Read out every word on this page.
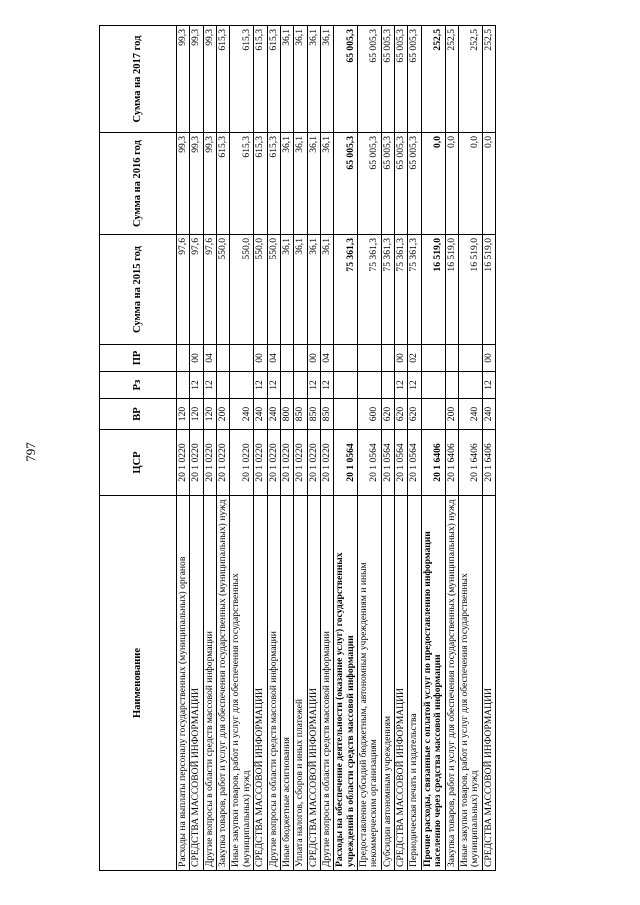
797
Наименование	ЦСР	ВР	Рз	ПР	Сумма на 2015 год	Сумма на 2016 год	Сумма на 2017 год
Расходы на выплаты персоналу государственных (муниципальных) органов	20 1 0220	120			97,6	99,3	99,3
СРЕДСТВА МАССОВОЙ ИНФОРМАЦИИ	20 1 0220	120	12	00	97,6	99,3	99,3
Другие вопросы в области средств массовой информации	20 1 0220	120	12	04	97,6	99,3	99,3
Закупка товаров, работ и услуг для обеспечения государственных (муниципальных) нужд	20 1 0220	200			550,0	615,3	615,3
Иные закупки товаров, работ и услуг для обеспечения государственных (муниципальных) нужд	20 1 0220	240			550,0	615,3	615,3
СРЕДСТВА МАССОВОЙ ИНФОРМАЦИИ	20 1 0220	240	12	00	550,0	615,3	615,3
Другие вопросы в области средств массовой информации	20 1 0220	240	12	04	550,0	615,3	615,3
Иные бюджетные ассигнования	20 1 0220	800			36,1	36,1	36,1
Уплата налогов, сборов и иных платежей	20 1 0220	850			36,1	36,1	36,1
СРЕДСТВА МАССОВОЙ ИНФОРМАЦИИ	20 1 0220	850	12	00	36,1	36,1	36,1
Другие вопросы в области средств массовой информации	20 1 0220	850	12	04	36,1	36,1	36,1
Расходы на обеспечение деятельности (оказание услуг) государственных учреждений в области средств массовой информации	20 1 0564				75 361,3	65 005,3	65 005,3
Предоставление субсидий бюджетным, автономным учреждениям и иным некоммерческим организациям	20 1 0564	600			75 361,3	65 005,3	65 005,3
Субсидии автономным учреждениям	20 1 0564	620			75 361,3	65 005,3	65 005,3
СРЕДСТВА МАССОВОЙ ИНФОРМАЦИИ	20 1 0564	620	12	00	75 361,3	65 005,3	65 005,3
Периодическая печать и издательства	20 1 0564	620	12	02	75 361,3	65 005,3	65 005,3
Прочие расходы, связанные с оплатой услуг по предоставлению информации населению через средства массовой информации	20 1 6406				16 519,0	0,0	252,5
Закупка товаров, работ и услуг для обеспечения государственных (муниципальных) нужд	20 1 6406	200			16 519,0	0,0	252,5
Иные закупки товаров, работ и услуг для обеспечения государственных (муниципальных) нужд	20 1 6406	240			16 519,0	0,0	252,5
СРЕДСТВА МАССОВОЙ ИНФОРМАЦИИ	20 1 6406	240	12	00	16 519,0	0,0	252,5
